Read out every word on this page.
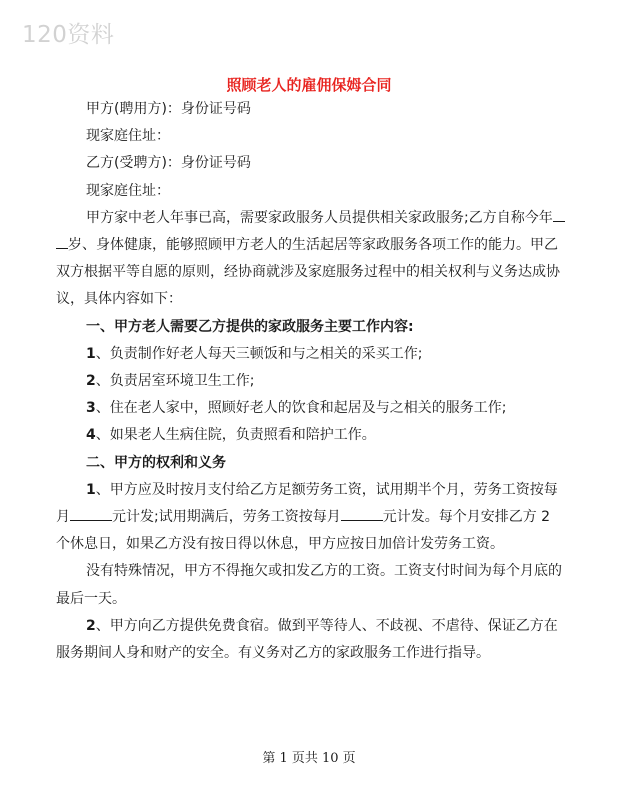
120资料
照顾老人的雇佣保姆合同

甲方(聘用方)：身份证号码

现家庭住址：

乙方(受聘方)：身份证号码

现家庭住址：

甲方家中老人年事已高，需要家政服务人员提供相关家政服务;乙方自称今年
岁、身体健康，能够照顾甲方老人的生活起居等家政服务各项工作的能力。甲乙双方根据平等自愿的原则，经协商就涉及家庭服务过程中的相关权利与义务达成协议，具体内容如下：

一、甲方老人需要乙方提供的家政服务主要工作内容:

1、负责制作好老人每天三顿饭和与之相关的采买工作;

2、负责居室环境卫生工作;

3、住在老人家中，照顾好老人的饮食和起居及与之相关的服务工作;

4、如果老人生病住院，负责照看和陪护工作。

二、甲方的权利和义务

1、甲方应及时按月支付给乙方足额劳务工资，试用期半个月，劳务工资按每月	元计发;试用期满后，劳务工资按每月	元计发。每个月安排乙方 2 个休息日，如果乙方没有按日得以休息，甲方应按日加倍计发劳务工资。

没有特殊情况，甲方不得拖欠或扣发乙方的工资。工资支付时间为每个月底的最后一天。

2、甲方向乙方提供免费食宿。做到平等待人、不歧视、不虐待、保证乙方在服务期间人身和财产的安全。有义务对乙方的家政服务工作进行指导。

第 1 页共 10 页
